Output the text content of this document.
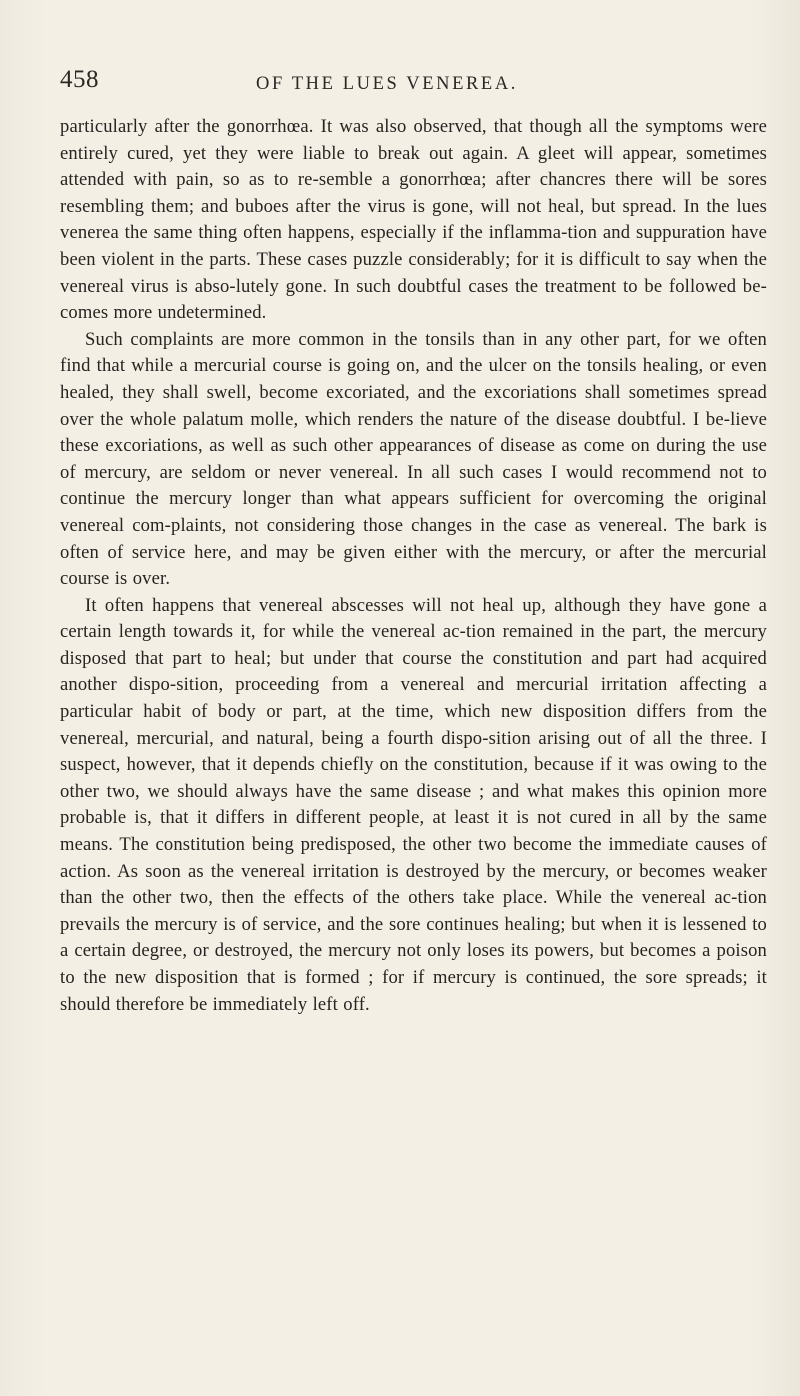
458	OF THE LUES VENEREA.

particularly after the gonorrhœa. It was also observed, that though all the symptoms were entirely cured, yet they were liable to break out again. A gleet will appear, sometimes attended with pain, so as to re-semble a gonorrhœa; after chancres there will be sores resembling them; and buboes after the virus is gone, will not heal, but spread. In the lues venerea the same thing often happens, especially if the inflamma-tion and suppuration have been violent in the parts. These cases puzzle considerably; for it is difficult to say when the venereal virus is abso-lutely gone. In such doubtful cases the treatment to be followed be-comes more undetermined.

Such complaints are more common in the tonsils than in any other part, for we often find that while a mercurial course is going on, and the ulcer on the tonsils healing, or even healed, they shall swell, become excoriated, and the excoriations shall sometimes spread over the whole palatum molle, which renders the nature of the disease doubtful. I be-lieve these excoriations, as well as such other appearances of disease as come on during the use of mercury, are seldom or never venereal. In all such cases I would recommend not to continue the mercury longer than what appears sufficient for overcoming the original venereal com-plaints, not considering those changes in the case as venereal. The bark is often of service here, and may be given either with the mercury, or after the mercurial course is over.

It often happens that venereal abscesses will not heal up, although they have gone a certain length towards it, for while the venereal ac-tion remained in the part, the mercury disposed that part to heal; but under that course the constitution and part had acquired another dispo-sition, proceeding from a venereal and mercurial irritation affecting a particular habit of body or part, at the time, which new disposition differs from the venereal, mercurial, and natural, being a fourth dispo-sition arising out of all the three. I suspect, however, that it depends chiefly on the constitution, because if it was owing to the other two, we should always have the same disease ; and what makes this opinion more probable is, that it differs in different people, at least it is not cured in all by the same means. The constitution being predisposed, the other two become the immediate causes of action. As soon as the venereal irritation is destroyed by the mercury, or becomes weaker than the other two, then the effects of the others take place. While the venereal ac-tion prevails the mercury is of service, and the sore continues healing; but when it is lessened to a certain degree, or destroyed, the mercury not only loses its powers, but becomes a poison to the new disposition that is formed ; for if mercury is continued, the sore spreads; it should therefore be immediately left off.
